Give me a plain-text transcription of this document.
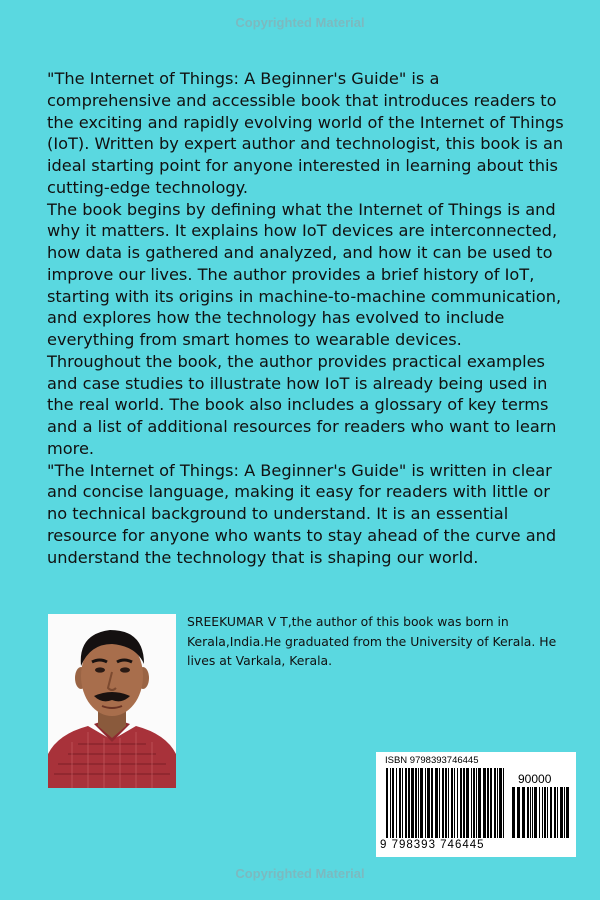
Copyrighted Material

"The Internet of Things: A Beginner's Guide" is a comprehensive and accessible book that introduces readers to the exciting and rapidly evolving world of the Internet of Things (IoT). Written by expert author and technologist, this book is an ideal starting point for anyone interested in learning about this cutting-edge technology.

The book begins by defining what the Internet of Things is and why it matters. It explains how IoT devices are interconnected, how data is gathered and analyzed, and how it can be used to improve our lives. The author provides a brief history of IoT, starting with its origins in machine-to-machine communication, and explores how the technology has evolved to include everything from smart homes to wearable devices.

Throughout the book, the author provides practical examples and case studies to illustrate how IoT is already being used in the real world. The book also includes a glossary of key terms and a list of additional resources for readers who want to learn more.

"The Internet of Things: A Beginner's Guide" is written in clear and concise language, making it easy for readers with little or no technical background to understand. It is an essential resource for anyone who wants to stay ahead of the curve and understand the technology that is shaping our world.

SREEKUMAR V T,the author of this book was born in Kerala,India.He graduated from the University of Kerala. He lives at Varkala, Kerala.
ISBN 9798393746445
90000
9 798393 746445
Copyrighted Material
